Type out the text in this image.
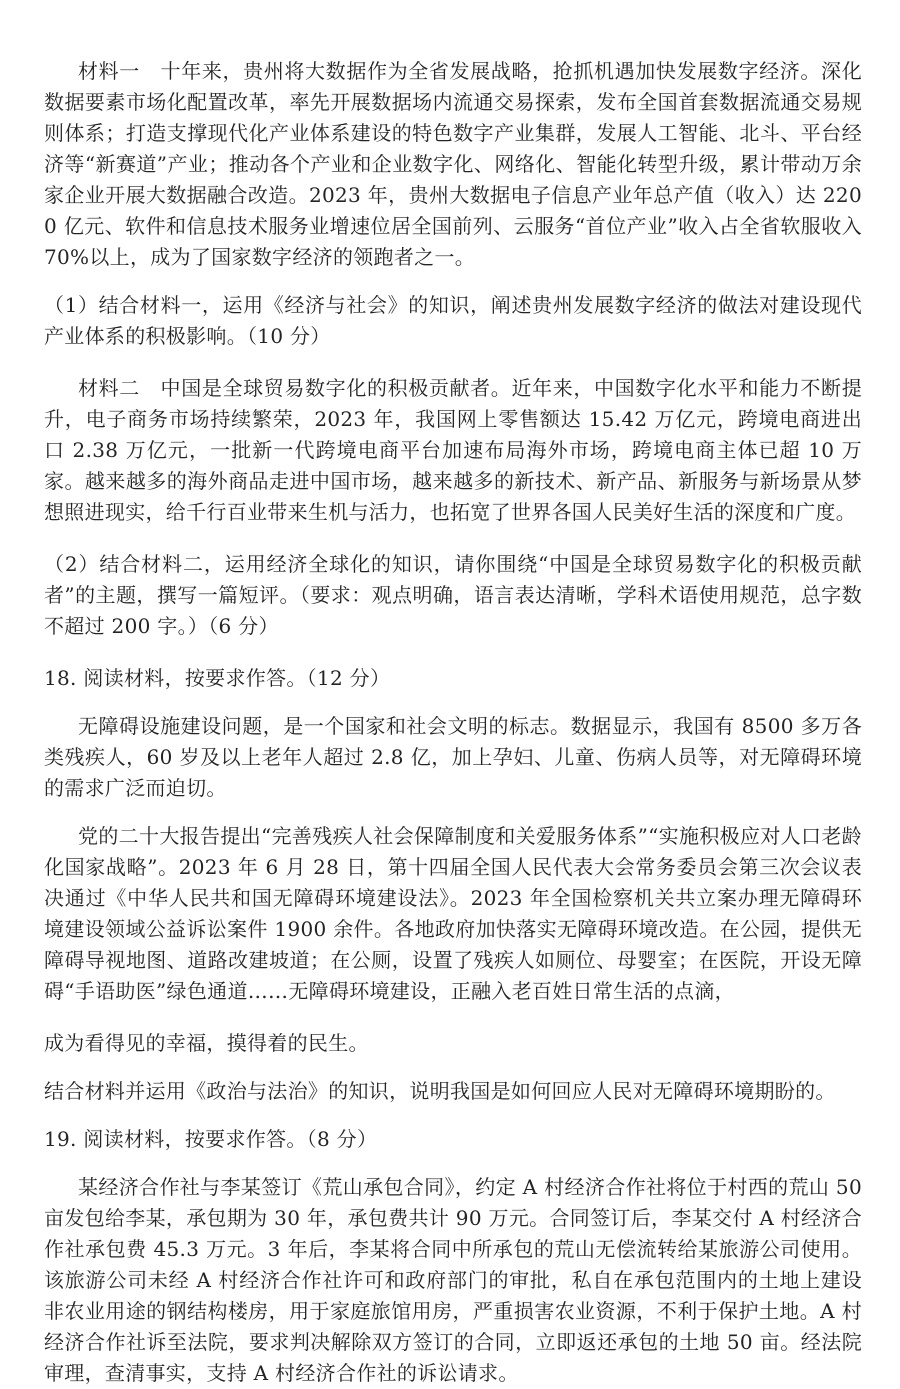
材料一　十年来，贵州将大数据作为全省发展战略，抢抓机遇加快发展数字经济。深化数据要素市场化配置改革，率先开展数据场内流通交易探索，发布全国首套数据流通交易规则体系；打造支撑现代化产业体系建设的特色数字产业集群，发展人工智能、北斗、平台经济等“新赛道”产业；推动各个产业和企业数字化、网络化、智能化转型升级，累计带动万余家企业开展大数据融合改造。2023 年，贵州大数据电子信息产业年总产值（收入）达 2200 亿元、软件和信息技术服务业增速位居全国前列、云服务“首位产业”收入占全省软服收入 70%以上，成为了国家数字经济的领跑者之一。

（1）结合材料一，运用《经济与社会》的知识，阐述贵州发展数字经济的做法对建设现代产业体系的积极影响。（10 分）

材料二　中国是全球贸易数字化的积极贡献者。近年来，中国数字化水平和能力不断提升，电子商务市场持续繁荣，2023 年，我国网上零售额达 15.42 万亿元，跨境电商进出口 2.38 万亿元，一批新一代跨境电商平台加速布局海外市场，跨境电商主体已超 10 万家。越来越多的海外商品走进中国市场，越来越多的新技术、新产品、新服务与新场景从梦想照进现实，给千行百业带来生机与活力，也拓宽了世界各国人民美好生活的深度和广度。

（2）结合材料二，运用经济全球化的知识，请你围绕“中国是全球贸易数字化的积极贡献者”的主题，撰写一篇短评。（要求：观点明确，语言表达清晰，学科术语使用规范，总字数不超过 200 字。）（6 分）

18. 阅读材料，按要求作答。（12 分）

无障碍设施建设问题，是一个国家和社会文明的标志。数据显示，我国有 8500 多万各类残疾人，60 岁及以上老年人超过 2.8 亿，加上孕妇、儿童、伤病人员等，对无障碍环境的需求广泛而迫切。

党的二十大报告提出“完善残疾人社会保障制度和关爱服务体系”“实施积极应对人口老龄化国家战略”。2023 年 6 月 28 日，第十四届全国人民代表大会常务委员会第三次会议表决通过《中华人民共和国无障碍环境建设法》。2023 年全国检察机关共立案办理无障碍环境建设领域公益诉讼案件 1900 余件。各地政府加快落实无障碍环境改造。在公园，提供无障碍导视地图、道路改建坡道；在公厕，设置了残疾人如厕位、母婴室；在医院，开设无障碍“手语助医”绿色通道……无障碍环境建设，正融入老百姓日常生活的点滴，

成为看得见的幸福，摸得着的民生。

结合材料并运用《政治与法治》的知识，说明我国是如何回应人民对无障碍环境期盼的。

19. 阅读材料，按要求作答。（8 分）

某经济合作社与李某签订《荒山承包合同》，约定 A 村经济合作社将位于村西的荒山 50 亩发包给李某，承包期为 30 年，承包费共计 90 万元。合同签订后，李某交付 A 村经济合作社承包费 45.3 万元。3 年后，李某将合同中所承包的荒山无偿流转给某旅游公司使用。该旅游公司未经 A 村经济合作社许可和政府部门的审批，私自在承包范围内的土地上建设非农业用途的钢结构楼房，用于家庭旅馆用房，严重损害农业资源，不利于保护土地。A 村经济合作社诉至法院，要求判决解除双方签订的合同，立即返还承包的土地 50 亩。经法院审理，查清事实，支持 A 村经济合作社的诉讼请求。
